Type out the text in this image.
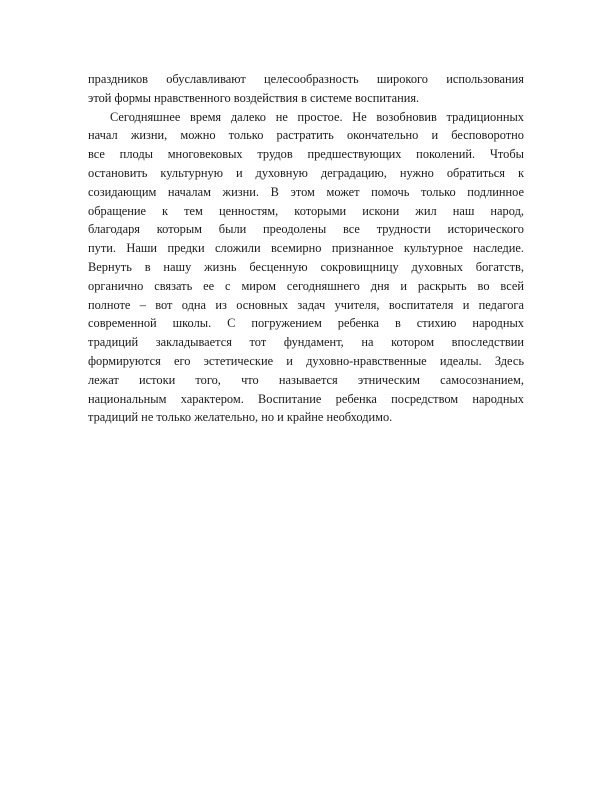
праздников обуславливают целесообразность широкого использования
этой формы нравственного воздействия в системе воспитания.
Сегодняшнее время далеко не простое. Не возобновив традиционных
начал жизни, можно только растратить окончательно и бесповоротно
все плоды многовековых трудов предшествующих поколений. Чтобы
остановить культурную и духовную деградацию, нужно обратиться к
созидающим началам жизни. В этом может помочь только подлинное
обращение к тем ценностям, которыми искони жил наш народ,
благодаря которым были преодолены все трудности исторического
пути. Наши предки сложили всемирно признанное культурное наследие.
Вернуть в нашу жизнь бесценную сокровищницу духовных богатств,
органично связать ее с миром сегодняшнего дня и раскрыть во всей
полноте – вот одна из основных задач учителя, воспитателя и педагога
современной школы. С погружением ребенка в стихию народных
традиций закладывается тот фундамент, на котором впоследствии
формируются его эстетические и духовно-нравственные идеалы. Здесь
лежат истоки того, что называется этническим самосознанием,
национальным характером. Воспитание ребенка посредством народных
традиций не только желательно, но и крайне необходимо.
